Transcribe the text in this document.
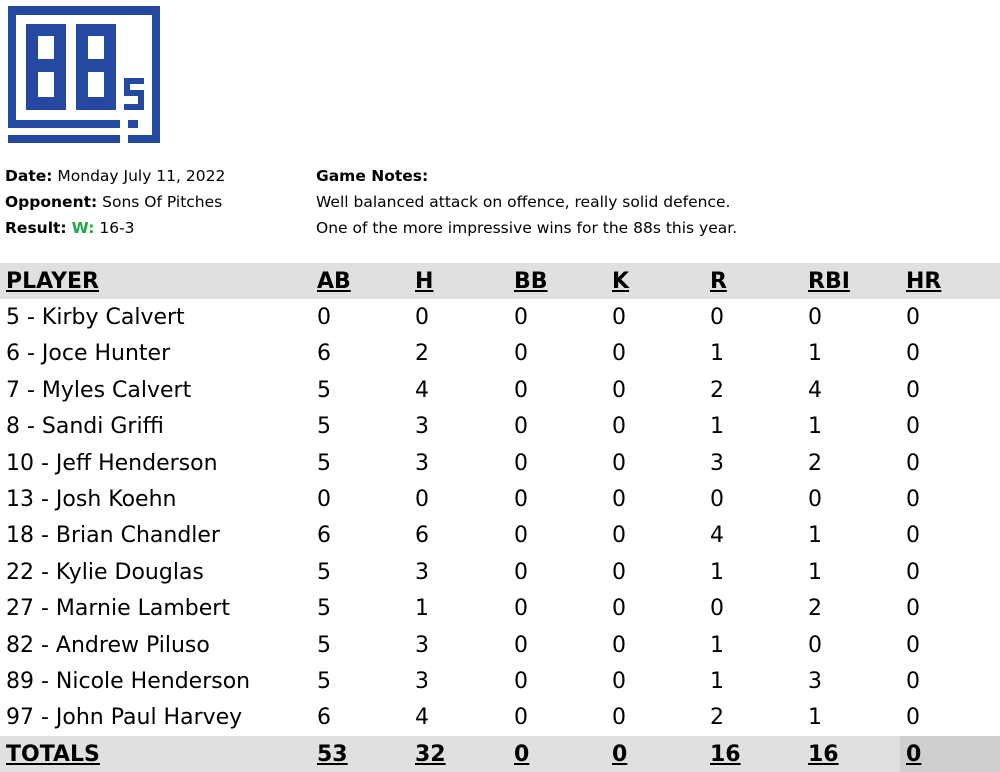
Date: Monday July 11, 2022
Opponent: Sons Of Pitches
Result: W: 16-3
Game Notes:
Well balanced attack on offence, really solid defence.
One of the more impressive wins for the 88s this year.
PLAYER	AB	H	BB	K	R	RBI	HR
5 - Kirby Calvert	0	0	0	0	0	0	0
6 - Joce Hunter	6	2	0	0	1	1	0
7 - Myles Calvert	5	4	0	0	2	4	0
8 - Sandi Griffi	5	3	0	0	1	1	0
10 - Jeff Henderson	5	3	0	0	3	2	0
13 - Josh Koehn	0	0	0	0	0	0	0
18 - Brian Chandler	6	6	0	0	4	1	0
22 - Kylie Douglas	5	3	0	0	1	1	0
27 - Marnie Lambert	5	1	0	0	0	2	0
82 - Andrew Piluso	5	3	0	0	1	0	0
89 - Nicole Henderson	5	3	0	0	1	3	0
97 - John Paul Harvey	6	4	0	0	2	1	0
TOTALS	53	32	0	0	16	16	0
